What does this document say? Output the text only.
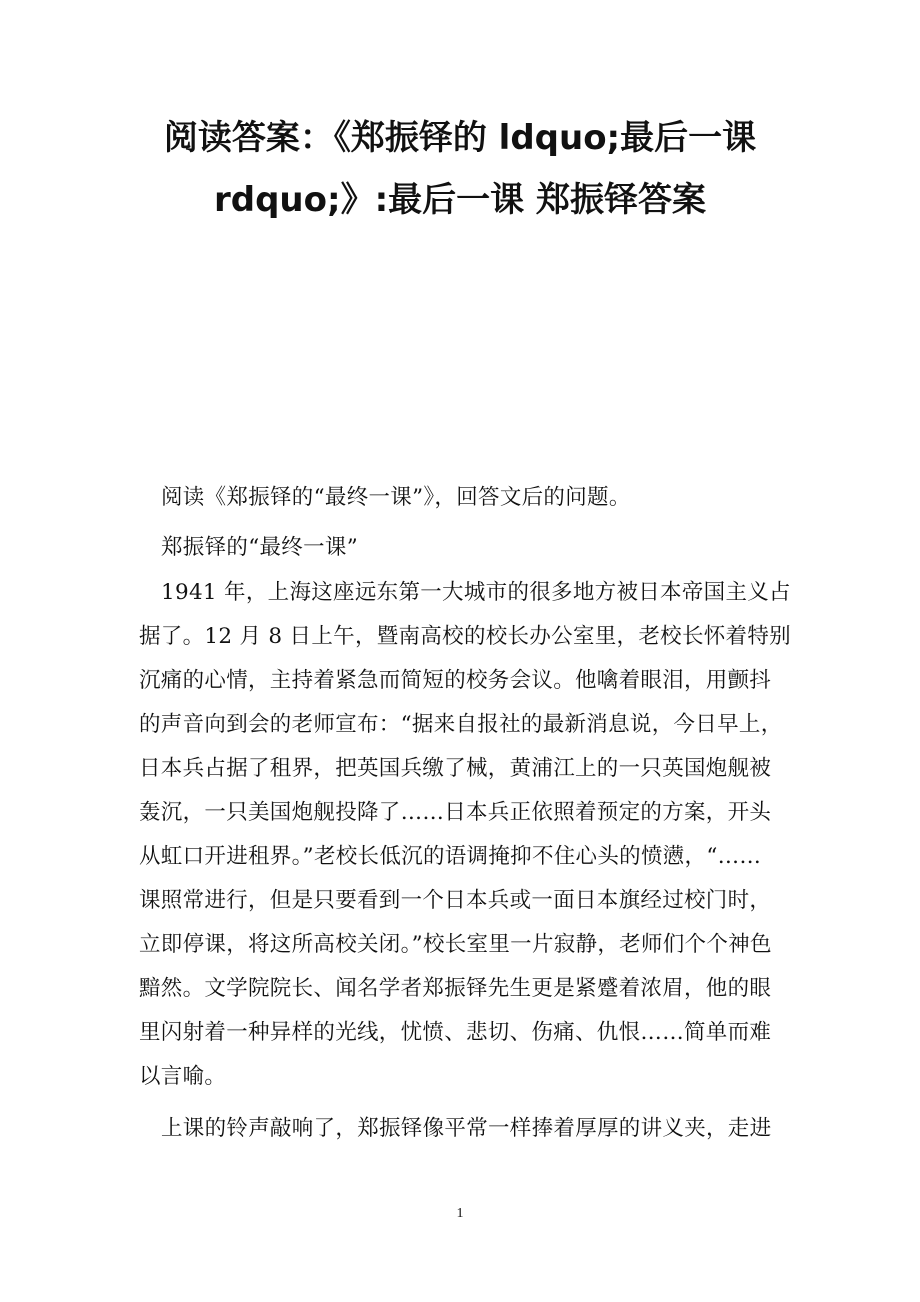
阅读答案：《郑振铎的 ldquo;最后一课
rdquo;》:最后一课 郑振铎答案
阅读《郑振铎的“最终一课”》，回答文后的问题。
郑振铎的“最终一课”
1941 年，上海这座远东第一大城市的很多地方被日本帝国主义占
据了。12 月 8 日上午，暨南高校的校长办公室里，老校长怀着特别
沉痛的心情，主持着紧急而简短的校务会议。他噙着眼泪，用颤抖
的声音向到会的老师宣布：“据来自报社的最新消息说，今日早上，
日本兵占据了租界，把英国兵缴了械，黄浦江上的一只英国炮舰被
轰沉，一只美国炮舰投降了……日本兵正依照着预定的方案，开头
从虹口开进租界。”老校长低沉的语调掩抑不住心头的愤懑，“……
课照常进行，但是只要看到一个日本兵或一面日本旗经过校门时，
立即停课，将这所高校关闭。”校长室里一片寂静，老师们个个神色
黯然。文学院院长、闻名学者郑振铎先生更是紧蹙着浓眉，他的眼
里闪射着一种异样的光线，忧愤、悲切、伤痛、仇恨……简单而难
以言喻。
上课的铃声敲响了，郑振铎像平常一样捧着厚厚的讲义夹，走进
1
